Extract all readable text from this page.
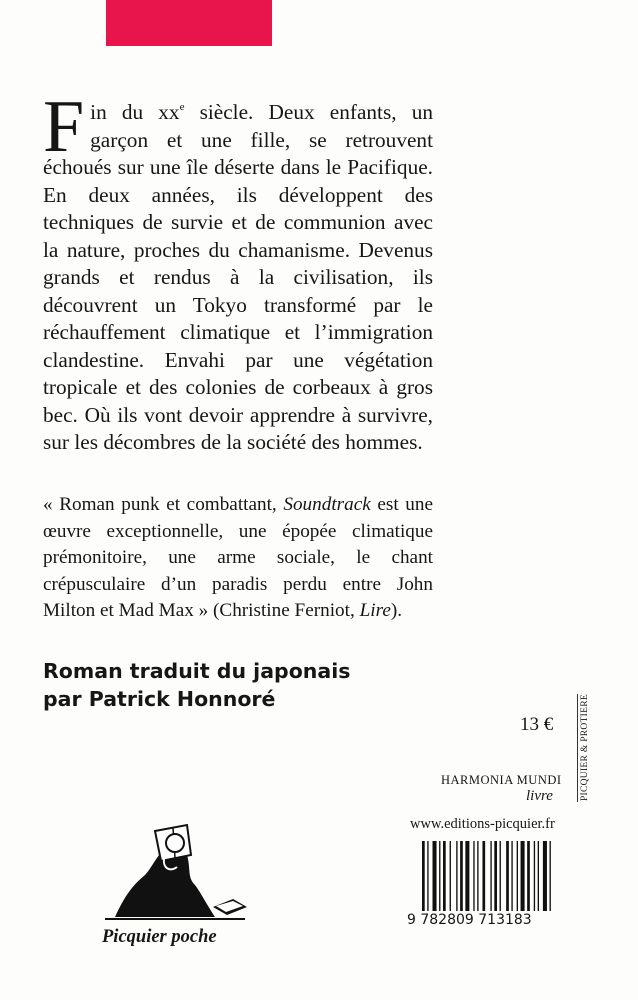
Fin du $xx^e$ siècle. Deux enfants, un garçon et une fille, se retrouvent échoués sur une île déserte dans le Pacifique. En deux années, ils développent des techniques de survie et de communion avec la nature, proches du chamanisme. Devenus grands et rendus à la civilisation, ils découvrent un Tokyo transformé par le réchauffement climatique et l’immigration clandestine. Envahi par une végétation tropicale et des colonies de corbeaux à gros bec. Où ils vont devoir apprendre à survivre, sur les décombres de la société des hommes.
« Roman punk et combattant, Soundtrack est une œuvre exceptionnelle, une épopée climatique prémonitoire, une arme sociale, le chant crépusculaire d’un paradis perdu entre John Milton et Mad Max » (Christine Ferniot, Lire).
Roman traduit du japonais
par Patrick Honnoré
13 €	PICQUIER & PROTIERE
HARMONIA MUNDI
livre
www.editions-picquier.fr
9 782809 713183
Picquier poche
